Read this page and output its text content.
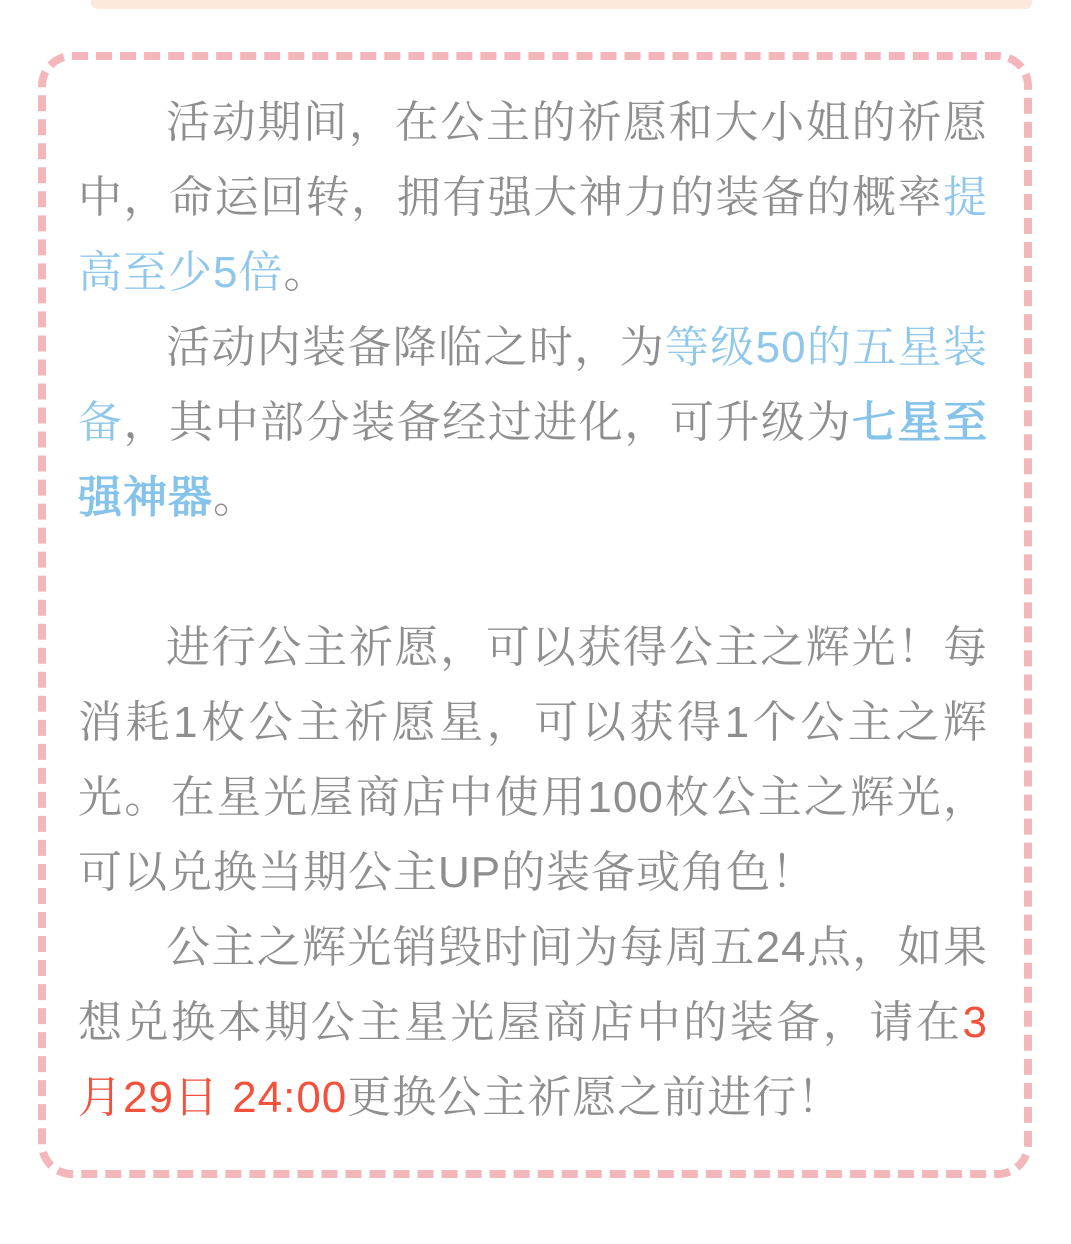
活动期间，在公主的祈愿和大小姐的祈愿中，命运回转，拥有强大神力的装备的概率提高至少5倍。

活动内装备降临之时，为等级50的五星装备，其中部分装备经过进化，可升级为七星至强神器。

进行公主祈愿，可以获得公主之辉光！每消耗1枚公主祈愿星，可以获得1个公主之辉光。在星光屋商店中使用100枚公主之辉光，可以兑换当期公主UP的装备或角色！

公主之辉光销毁时间为每周五24点，如果想兑换本期公主星光屋商店中的装备，请在3月29日 24:00更换公主祈愿之前进行！
